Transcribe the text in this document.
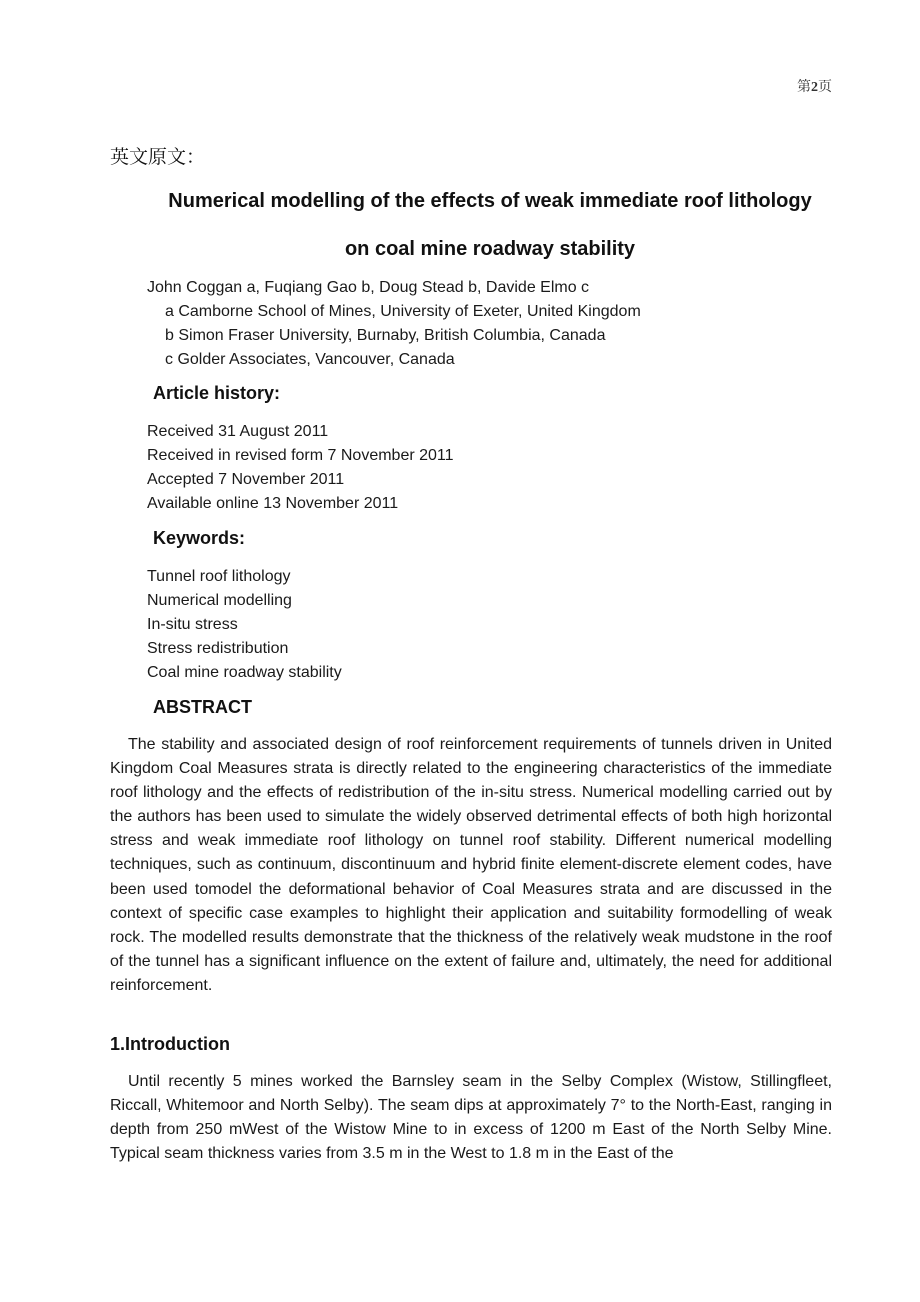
第2页
英文原文：
Numerical modelling of the effects of weak immediate roof lithology
on coal mine roadway stability
John Coggan a, Fuqiang Gao b, Doug Stead b, Davide Elmo c
a Camborne School of Mines, University of Exeter, United Kingdom
b Simon Fraser University, Burnaby, British Columbia, Canada
c Golder Associates, Vancouver, Canada
Article history:
Received 31 August 2011
Received in revised form 7 November 2011
Accepted 7 November 2011
Available online 13 November 2011
Keywords:
Tunnel roof lithology
Numerical modelling
In-situ stress
Stress redistribution
Coal mine roadway stability
ABSTRACT

The stability and associated design of roof reinforcement requirements of tunnels driven in United Kingdom Coal Measures strata is directly related to the engineering characteristics of the immediate roof lithology and the effects of redistribution of the in-situ stress. Numerical modelling carried out by the authors has been used to simulate the widely observed detrimental effects of both high horizontal stress and weak immediate roof lithology on tunnel roof stability. Different numerical modelling techniques, such as continuum, discontinuum and hybrid finite element-discrete element codes, have been used tomodel the deformational behavior of Coal Measures strata and are discussed in the context of specific case examples to highlight their application and suitability formodelling of weak rock. The modelled results demonstrate that the thickness of the relatively weak mudstone in the roof of the tunnel has a significant influence on the extent of failure and, ultimately, the need for additional reinforcement.

1.Introduction

Until recently 5 mines worked the Barnsley seam in the Selby Complex (Wistow, Stillingfleet, Riccall, Whitemoor and North Selby). The seam dips at approximately 7° to the North-East, ranging in depth from 250 mWest of the Wistow Mine to in excess of 1200 m East of the North Selby Mine. Typical seam thickness varies from 3.5 m in the West to 1.8 m in the East of the
